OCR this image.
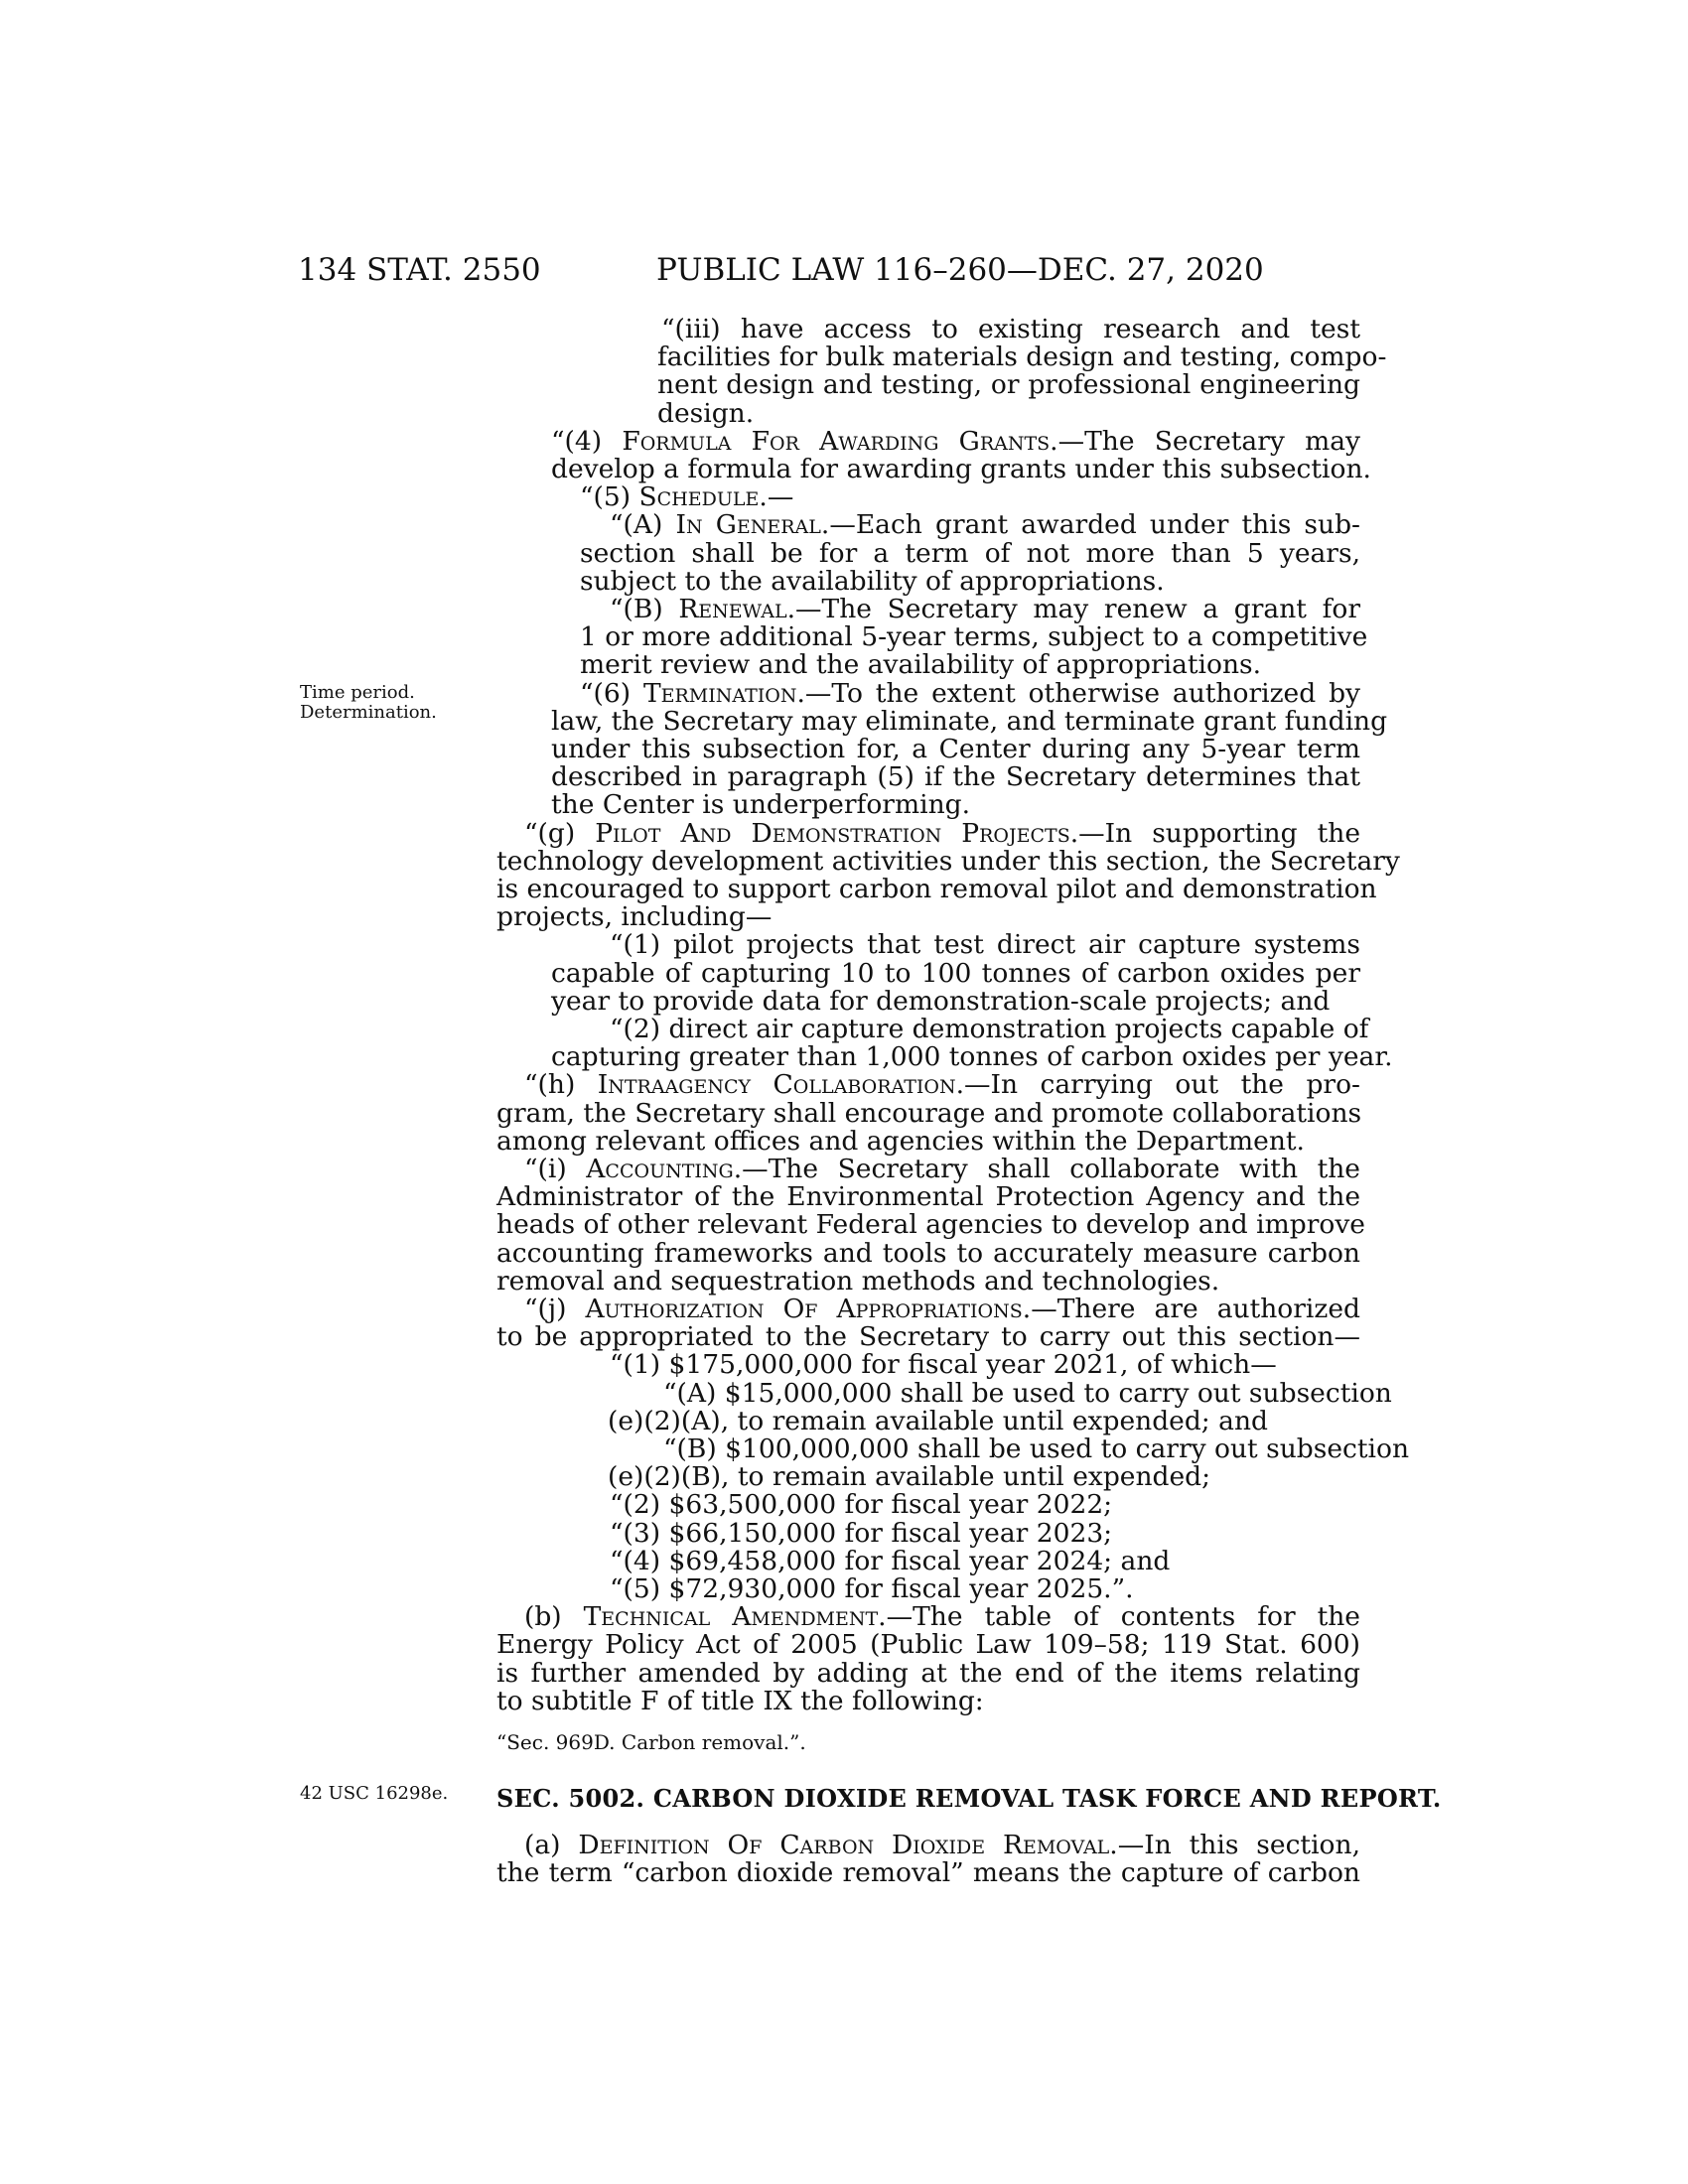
134 STAT. 2550	PUBLIC LAW 116–260—DEC. 27, 2020
Time period.
Determination.
42 USC 16298e.
“(iii) have access to existing research and test
facilities for bulk materials design and testing, compo-
nent design and testing, or professional engineering
design.
“(4) Formula For Awarding Grants.—The Secretary may
develop a formula for awarding grants under this subsection.
“(5) Schedule.—
“(A) In General.—Each grant awarded under this sub-
section shall be for a term of not more than 5 years,
subject to the availability of appropriations.
“(B) Renewal.—The Secretary may renew a grant for
1 or more additional 5-year terms, subject to a competitive
merit review and the availability of appropriations.
“(6) Termination.—To the extent otherwise authorized by
law, the Secretary may eliminate, and terminate grant funding
under this subsection for, a Center during any 5-year term
described in paragraph (5) if the Secretary determines that
the Center is underperforming.
“(g) Pilot And Demonstration Projects.—In supporting the
technology development activities under this section, the Secretary
is encouraged to support carbon removal pilot and demonstration
projects, including—
“(1) pilot projects that test direct air capture systems
capable of capturing 10 to 100 tonnes of carbon oxides per
year to provide data for demonstration-scale projects; and
“(2) direct air capture demonstration projects capable of
capturing greater than 1,000 tonnes of carbon oxides per year.
“(h) Intraagency Collaboration.—In carrying out the pro-
gram, the Secretary shall encourage and promote collaborations
among relevant offices and agencies within the Department.
“(i) Accounting.—The Secretary shall collaborate with the
Administrator of the Environmental Protection Agency and the
heads of other relevant Federal agencies to develop and improve
accounting frameworks and tools to accurately measure carbon
removal and sequestration methods and technologies.
“(j) Authorization Of Appropriations.—There are authorized
to be appropriated to the Secretary to carry out this section—
“(1) $175,000,000 for fiscal year 2021, of which—
“(A) $15,000,000 shall be used to carry out subsection
(e)(2)(A), to remain available until expended; and
“(B) $100,000,000 shall be used to carry out subsection
(e)(2)(B), to remain available until expended;
“(2) $63,500,000 for fiscal year 2022;
“(3) $66,150,000 for fiscal year 2023;
“(4) $69,458,000 for fiscal year 2024; and
“(5) $72,930,000 for fiscal year 2025.”.
(b) Technical Amendment.—The table of contents for the
Energy Policy Act of 2005 (Public Law 109–58; 119 Stat. 600)
is further amended by adding at the end of the items relating
to subtitle F of title IX the following:
“Sec. 969D. Carbon removal.”.
SEC. 5002. CARBON DIOXIDE REMOVAL TASK FORCE AND REPORT.
(a) Definition Of Carbon Dioxide Removal.—In this section,
the term “carbon dioxide removal” means the capture of carbon
